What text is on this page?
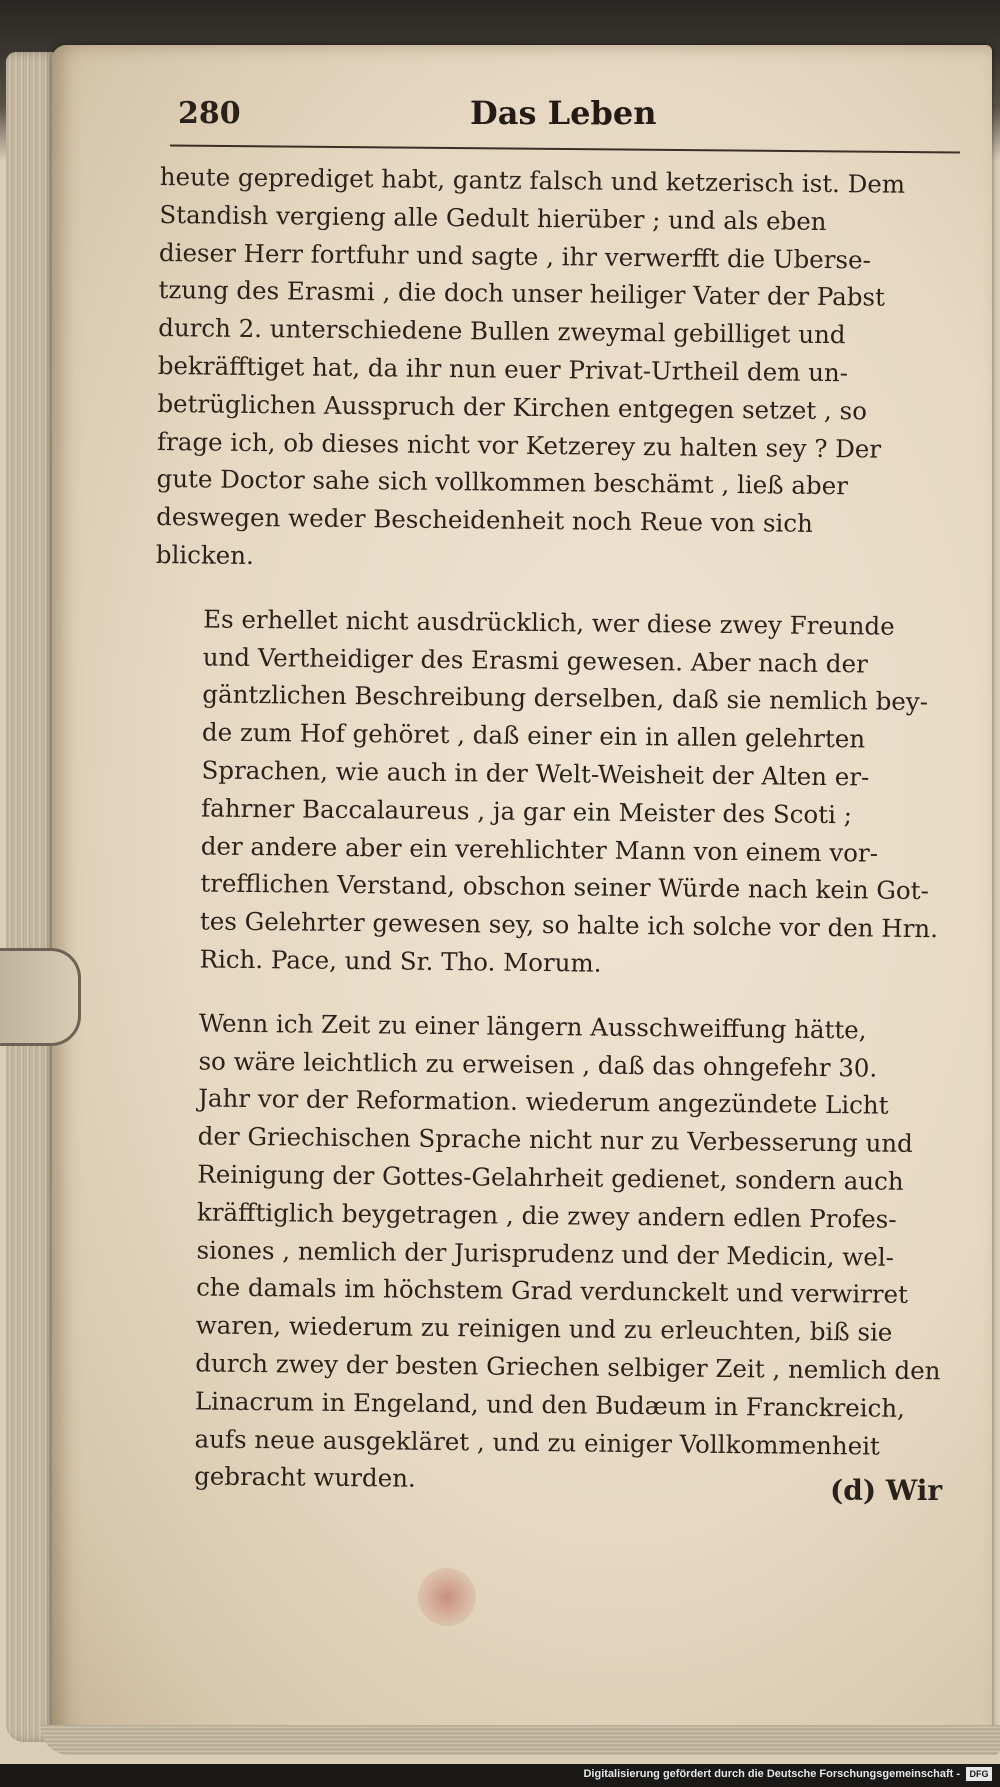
280	Das Leben

heute geprediget habt, gantz falsch und ketzerisch ist. Dem
Standish vergieng alle Gedult hierüber ; und als eben
dieser Herr fortfuhr und sagte , ihr verwerfft die Uberse-
tzung des Erasmi , die doch unser heiliger Vater der Pabst
durch 2. unterschiedene Bullen zweymal gebilliget und
bekräfftiget hat, da ihr nun euer Privat-Urtheil dem un-
betrüglichen Ausspruch der Kirchen entgegen setzet , so
frage ich, ob dieses nicht vor Ketzerey zu halten sey ? Der
gute Doctor sahe sich vollkommen beschämt , ließ aber
deswegen weder Bescheidenheit noch Reue von sich
blicken.

Es erhellet nicht ausdrücklich, wer diese zwey Freunde
und Vertheidiger des Erasmi gewesen. Aber nach der
gäntzlichen Beschreibung derselben, daß sie nemlich bey-
de zum Hof gehöret , daß einer ein in allen gelehrten
Sprachen, wie auch in der Welt-Weisheit der Alten er-
fahrner Baccalaureus , ja gar ein Meister des Scoti ;
der andere aber ein verehlichter Mann von einem vor-
trefflichen Verstand, obschon seiner Würde nach kein Got-
tes Gelehrter gewesen sey, so halte ich solche vor den Hrn.
Rich. Pace, und Sr. Tho. Morum.

Wenn ich Zeit zu einer längern Ausschweiffung hätte,
so wäre leichtlich zu erweisen , daß das ohngefehr 30.
Jahr vor der Reformation. wiederum angezündete Licht
der Griechischen Sprache nicht nur zu Verbesserung und
Reinigung der Gottes-Gelahrheit gedienet, sondern auch
kräfftiglich beygetragen , die zwey andern edlen Profes-
siones , nemlich der Jurisprudenz und der Medicin, wel-
che damals im höchstem Grad verdunckelt und verwirret
waren, wiederum zu reinigen und zu erleuchten, biß sie
durch zwey der besten Griechen selbiger Zeit , nemlich den
Linacrum in Engeland, und den Budæum in Franckreich,
aufs neue ausgekläret , und zu einiger Vollkommenheit
gebracht wurden.	(d) Wir
Digitalisierung gefördert durch die Deutsche Forschungsgemeinschaft -	DFG
